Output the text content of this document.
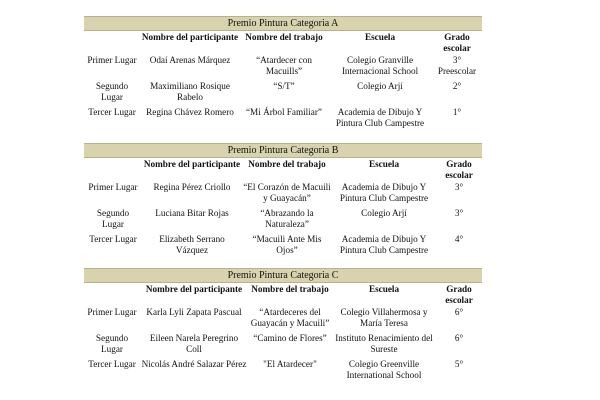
Premio Pintura Categoria A
	Nombre del participante	Nombre del trabajo	Escuela	Grado escolar
Primer Lugar	Odaí Arenas Márquez	“Atardecer con Macuills”	Colegio Granville Internacional School	3° Preescolar
Segundo Lugar	Maximiliano Rosique Rabelo	“S/T”	Colegio Arjí	2°
Tercer Lugar	Regina Chávez Romero	“Mi Árbol Familiar”	Academia de Dibujo Y Pintura Club Campestre	1°
Premio Pintura Categoria B
	Nombre del participante	Nombre del trabajo	Escuela	Grado escolar
Primer Lugar	Regina Pérez Criollo	“El Corazón de Macuili y Guayacán”	Academia de Dibujo Y Pintura Club Campestre	3°
Segundo Lugar	Luciana Bitar Rojas	“Abrazando la Naturaleza”	Colegio Arjí	3°
Tercer Lugar	Elizabeth Serrano Vázquez	“Macuili Ante Mis Ojos”	Academia de Dibujo Y Pintura Club Campestre	4°
Premio Pintura Categoria C
	Nombre del participante	Nombre del trabajo	Escuela	Grado escolar
Primer Lugar	Karla Lyli Zapata Pascual	“Atardeceres del Guayacán y Macuili”	Colegio Villahermosa y María Teresa	6°
Segundo Lugar	Eileen Narela Peregrino Coll	“Camino de Flores”	Instituto Renacimiento del Sureste	6°
Tercer Lugar	Nicolás André Salazar Pérez	"El Atardecer"	Colegio Greenville International School	5°
